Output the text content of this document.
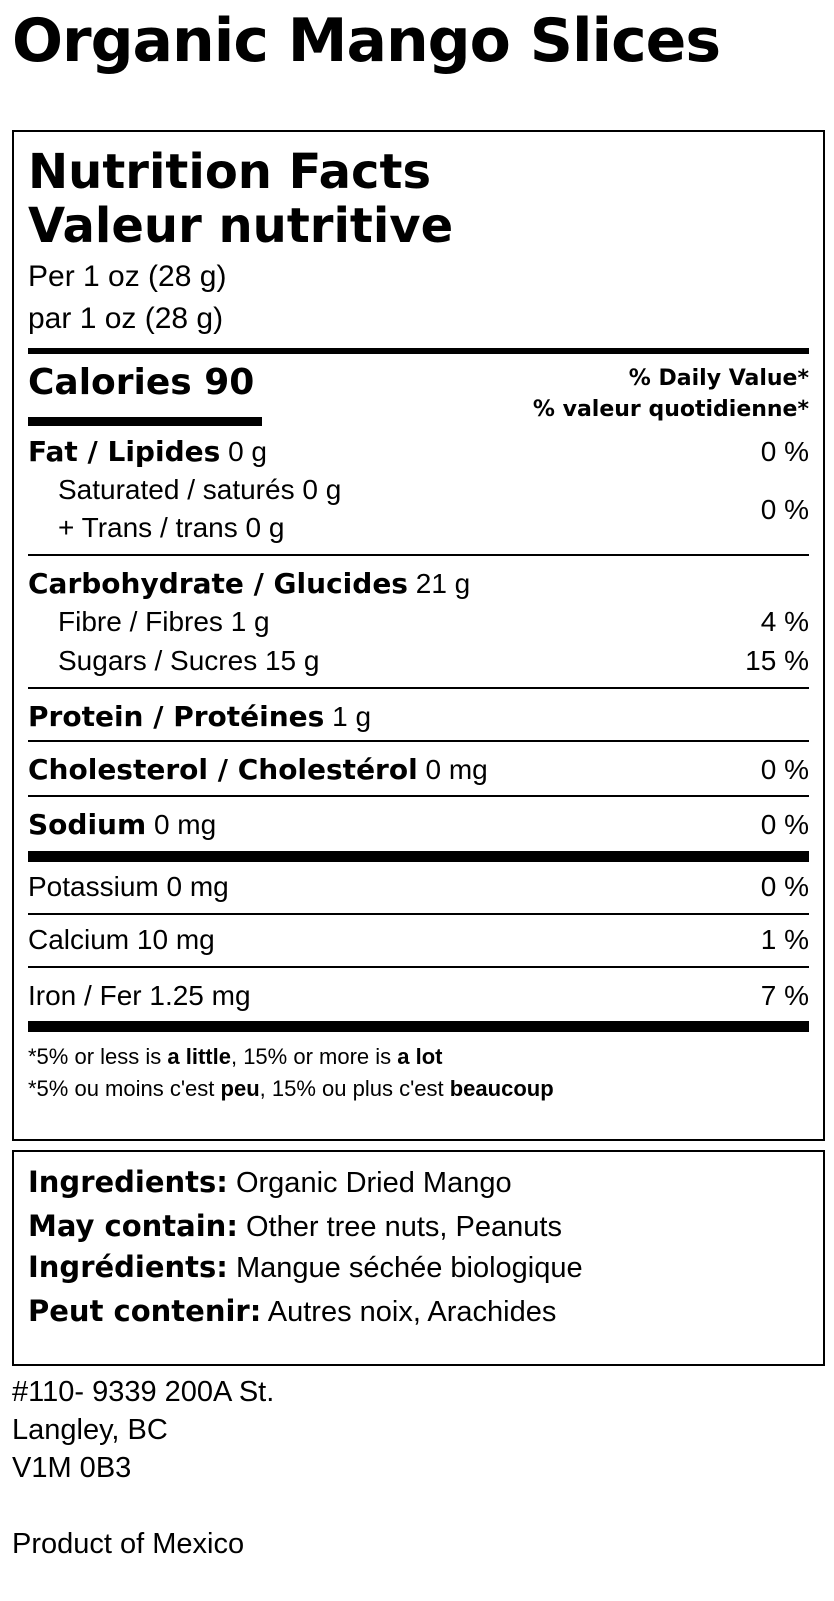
Organic Mango Slices
Nutrition Facts
Valeur nutritive
Per 1 oz (28 g)
par 1 oz (28 g)
Calories 90	% Daily Value*
% valeur quotidienne*
Fat / Lipides 0 g	0 %
Saturated / saturés 0 g
+ Trans / trans 0 g
0 %
Carbohydrate / Glucides 21 g
Fibre / Fibres 1 g	4 %
Sugars / Sucres 15 g	15 %
Protein / Protéines 1 g
Cholesterol / Cholestérol 0 mg	0 %
Sodium 0 mg	0 %
Potassium 0 mg	0 %
Calcium 10 mg	1 %
Iron / Fer 1.25 mg	7 %
*5% or less is a little, 15% or more is a lot
*5% ou moins c'est peu, 15% ou plus c'est beaucoup
Ingredients: Organic Dried Mango
May contain: Other tree nuts, Peanuts
Ingrédients: Mangue séchée biologique
Peut contenir: Autres noix, Arachides
#110- 9339 200A St.
Langley, BC
V1M 0B3
Product of Mexico
